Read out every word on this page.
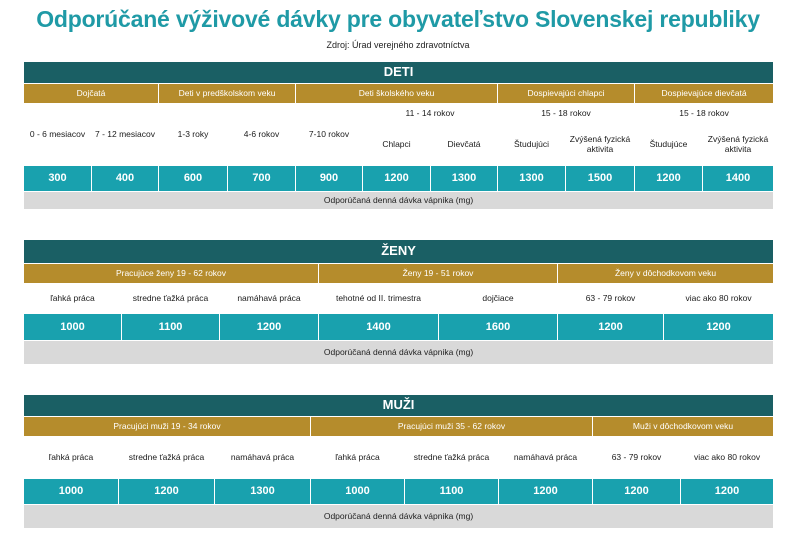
Odporúčané výživové dávky pre obyvateľstvo Slovenskej republiky
Zdroj: Úrad verejného zdravotníctva
DETI										
Dojčatá		Deti v predškolskom veku		Deti školského veku			Dospievajúci chlapci		Dospievajúce dievčatá	
0 - 6 mesiacov	7 - 12 mesiacov	1-3 roky	4-6 rokov	7-10 rokov	11 - 14 rokov		15 - 18 rokov		15 - 18 rokov	
					Chlapci	Dievčatá	Študujúci	Zvýšená fyzická aktivita	Študujúce	Zvýšená fyzická aktivita
300	400	600	700	900	1200	1300	1300	1500	1200	1400
Odporúčaná denná dávka vápnika (mg)										
ŽENY						
Pracujúce ženy 19 - 62 rokov			Ženy 19 - 51 rokov		Ženy v dôchodkovom veku	
ľahká práca	stredne ťažká práca	namáhavá práca	tehotné od II. trimestra	dojčiace	63 - 79 rokov	viac ako 80 rokov
1000	1100	1200	1400	1600	1200	1200
Odporúčaná denná dávka vápnika (mg)						
MUŽI							
Pracujúci muži 19 - 34 rokov			Pracujúci muži 35 - 62 rokov			Muži v dôchodkovom veku	
ľahká práca	stredne ťažká práca	namáhavá práca	ľahká práca	stredne ťažká práca	namáhavá práca	63 - 79 rokov	viac ako 80 rokov
1000	1200	1300	1000	1100	1200	1200	1200
Odporúčaná denná dávka vápnika (mg)							
